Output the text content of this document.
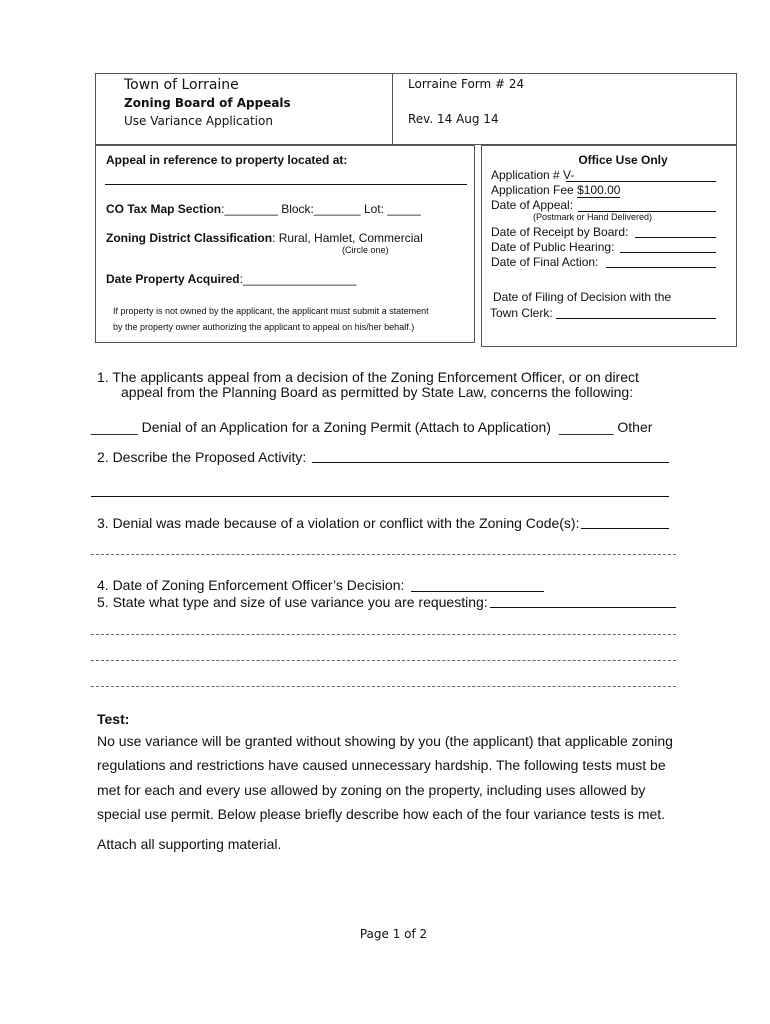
Town of Lorraine
Zoning Board of Appeals
Use Variance Application
Lorraine Form # 24
Rev. 14 Aug 14
Appeal in reference to property located at:
CO Tax Map Section:________ Block:_______ Lot: _____
Zoning District Classification: Rural, Hamlet, Commercial
(Circle one)
Date Property Acquired:_________________
If property is not owned by the applicant, the applicant must submit a statement
by the property owner authorizing the applicant to appeal on his/her behalf.)
Office Use Only
Application # V-
Application Fee $100.00
Date of Appeal:
(Postmark or Hand Delivered)
Date of Receipt by Board:
Date of Public Hearing:
Date of Final Action:
Date of Filing of Decision with the
Town Clerk:
1. The applicants appeal from a decision of the Zoning Enforcement Officer, or on direct
appeal from the Planning Board as permitted by State Law, concerns the following:
______ Denial of an Application for a Zoning Permit (Attach to Application) _______ Other
2. Describe the Proposed Activity:
3. Denial was made because of a violation or conflict with the Zoning Code(s):
4. Date of Zoning Enforcement Officer’s Decision:
5. State what type and size of use variance you are requesting:
Test:
No use variance will be granted without showing by you (the applicant) that applicable zoning
regulations and restrictions have caused unnecessary hardship. The following tests must be
met for each and every use allowed by zoning on the property, including uses allowed by
special use permit. Below please briefly describe how each of the four variance tests is met.
Attach all supporting material.
Page 1 of 2
